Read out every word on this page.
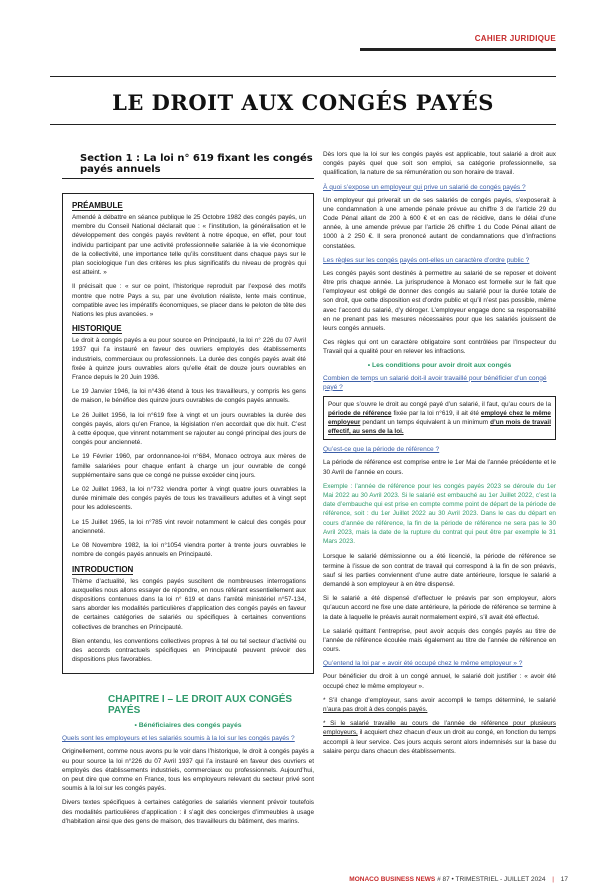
CAHIER JURIDIQUE
LE DROIT AUX CONGÉS PAYÉS
Section 1 : La loi n° 619 fixant les congés payés annuels
PRÉAMBULE

Amendé à débattre en séance publique le 25 Octobre 1982 des congés payés, un membre du Conseil National déclarait que : « l’institution, la généralisation et le développement des congés payés revêtent à notre époque, en effet, pour tout individu participant par une activité professionnelle salariée à la vie économique de la collectivité, une importance telle qu’ils constituent dans chaque pays sur le plan sociologique l’un des critères les plus significatifs du niveau de progrès qui est atteint. »

Il précisait que : « sur ce point, l’historique reproduit par l’exposé des motifs montre que notre Pays a su, par une évolution réaliste, lente mais continue, compatible avec les impératifs économiques, se placer dans le peloton de tête des Nations les plus avancées. »

HISTORIQUE

Le droit à congés payés a eu pour source en Principauté, la loi n° 226 du 07 Avril 1937 qui l’a instauré en faveur des ouvriers employés des établissements industriels, commerciaux ou professionnels. La durée des congés payés avait été fixée à quinze jours ouvrables alors qu’elle était de douze jours ouvrables en France depuis le 20 Juin 1936.

Le 19 Janvier 1946, la loi n°436 étend à tous les travailleurs, y compris les gens de maison, le bénéfice des quinze jours ouvrables de congés payés annuels.

Le 26 Juillet 1956, la loi n°619 fixe à vingt et un jours ouvrables la durée des congés payés, alors qu’en France, la législation n’en accordait que dix huit. C’est à cette époque, que vinrent notamment se rajouter au congé principal des jours de congés pour ancienneté.

Le 19 Février 1960, par ordonnance-loi n°684, Monaco octroya aux mères de famille salariées pour chaque enfant à charge un jour ouvrable de congé supplémentaire sans que ce congé ne puisse excéder cinq jours.

Le 02 Juillet 1963, la loi n°732 viendra porter à vingt quatre jours ouvrables la durée minimale des congés payés de tous les travailleurs adultes et à vingt sept pour les adolescents.

Le 15 Juillet 1965, la loi n°785 vint revoir notamment le calcul des congés pour ancienneté.

Le 08 Novembre 1982, la loi n°1054 viendra porter à trente jours ouvrables le nombre de congés payés annuels en Principauté.

INTRODUCTION

Thème d’actualité, les congés payés suscitent de nombreuses interrogations auxquelles nous allons essayer de répondre, en nous référant essentiellement aux dispositions contenues dans la loi n° 619 et dans l’arrêté ministériel n°57-134, sans aborder les modalités particulières d’application des congés payés en faveur de certaines catégories de salariés ou spécifiques à certaines conventions collectives de branches en Principauté.

Bien entendu, les conventions collectives propres à tel ou tel secteur d’activité ou des accords contractuels spécifiques en Principauté peuvent prévoir des dispositions plus favorables.

CHAPITRE I – LE DROIT AUX CONGÉS PAYÉS
• Bénéficiaires des congés payés
Quels sont les employeurs et les salariés soumis à la loi sur les congés payés ?

Originellement, comme nous avons pu le voir dans l’historique, le droit à congés payés a eu pour source la loi n°226 du 07 Avril 1937 qui l’a instauré en faveur des ouvriers et employés des établissements industriels, commerciaux ou professionnels. Aujourd’hui, on peut dire que comme en France, tous les employeurs relevant du secteur privé sont soumis à la loi sur les congés payés.

Divers textes spécifiques à certaines catégories de salariés viennent prévoir toutefois des modalités particulières d’application : il s’agit des concierges d’immeubles à usage d’habitation ainsi que des gens de maison, des travailleurs du bâtiment, des marins.

Dès lors que la loi sur les congés payés est applicable, tout salarié a droit aux congés payés quel que soit son emploi, sa catégorie professionnelle, sa qualification, la nature de sa rémunération ou son horaire de travail.

À quoi s’expose un employeur qui prive un salarié de congés payés ?

Un employeur qui priverait un de ses salariés de congés payés, s’exposerait à une condamnation à une amende pénale prévue au chiffre 3 de l’article 29 du Code Pénal allant de 200 à 600 € et en cas de récidive, dans le délai d’une année, à une amende prévue par l’article 26 chiffre 1 du Code Pénal allant de 1000 à 2 250 €. Il sera prononcé autant de condamnations que d’infractions constatées.

Les règles sur les congés payés ont-elles un caractère d’ordre public ?

Les congés payés sont destinés à permettre au salarié de se reposer et doivent être pris chaque année. La jurisprudence à Monaco est formelle sur le fait que l’employeur est obligé de donner des congés au salarié pour la durée totale de son droit, que cette disposition est d’ordre public et qu’il n’est pas possible, même avec l’accord du salarié, d’y déroger. L’employeur engage donc sa responsabilité en ne prenant pas les mesures nécessaires pour que les salariés jouissent de leurs congés annuels.

Ces règles qui ont un caractère obligatoire sont contrôlées par l’Inspecteur du Travail qui a qualité pour en relever les infractions.

• Les conditions pour avoir droit aux congés
Combien de temps un salarié doit-il avoir travaillé pour bénéficier d’un congé payé ?

Pour que s’ouvre le droit au congé payé d’un salarié, il faut, qu’au cours de la période de référence fixée par la loi n°619, il ait été employé chez le même employeur pendant un temps équivalent à un minimum d’un mois de travail effectif, au sens de la loi.

Qu’est-ce que la période de référence ?

La période de référence est comprise entre le 1er Mai de l’année précédente et le 30 Avril de l’année en cours.

Exemple : l’année de référence pour les congés payés 2023 se déroule du 1er Mai 2022 au 30 Avril 2023. Si le salarié est embauché au 1er Juillet 2022, c’est la date d’embauche qui est prise en compte comme point de départ de la période de référence, soit : du 1er Juillet 2022 au 30 Avril 2023. Dans le cas du départ en cours d’année de référence, la fin de la période de référence ne sera pas le 30 Avril 2023, mais la date de la rupture du contrat qui peut être par exemple le 31 Mars 2023.

Lorsque le salarié démissionne ou a été licencié, la période de référence se termine à l’issue de son contrat de travail qui correspond à la fin de son préavis, sauf si les parties conviennent d’une autre date antérieure, lorsque le salarié a demandé à son employeur à en être dispensé.

Si le salarié a été dispensé d’effectuer le préavis par son employeur, alors qu’aucun accord ne fixe une date antérieure, la période de référence se termine à la date à laquelle le préavis aurait normalement expiré, s’il avait été effectué.

Le salarié quittant l’entreprise, peut avoir acquis des congés payés au titre de l’année de référence écoulée mais également au titre de l’année de référence en cours.

Qu’entend la loi par « avoir été occupé chez le même employeur » ?

Pour bénéficier du droit à un congé annuel, le salarié doit justifier : « avoir été occupé chez le même employeur ».

* S’il change d’employeur, sans avoir accompli le temps déterminé, le salarié n’aura pas droit à des congés payés.

* Si le salarié travaille au cours de l’année de référence pour plusieurs employeurs, il acquiert chez chacun d’eux un droit au congé, en fonction du temps accompli à leur service. Ces jours acquis seront alors indemnisés sur la base du salaire perçu dans chacun des établissements.

MONACO BUSINESS NEWS # 87 • TRIMESTRIEL - JUILLET 2024 | 17
